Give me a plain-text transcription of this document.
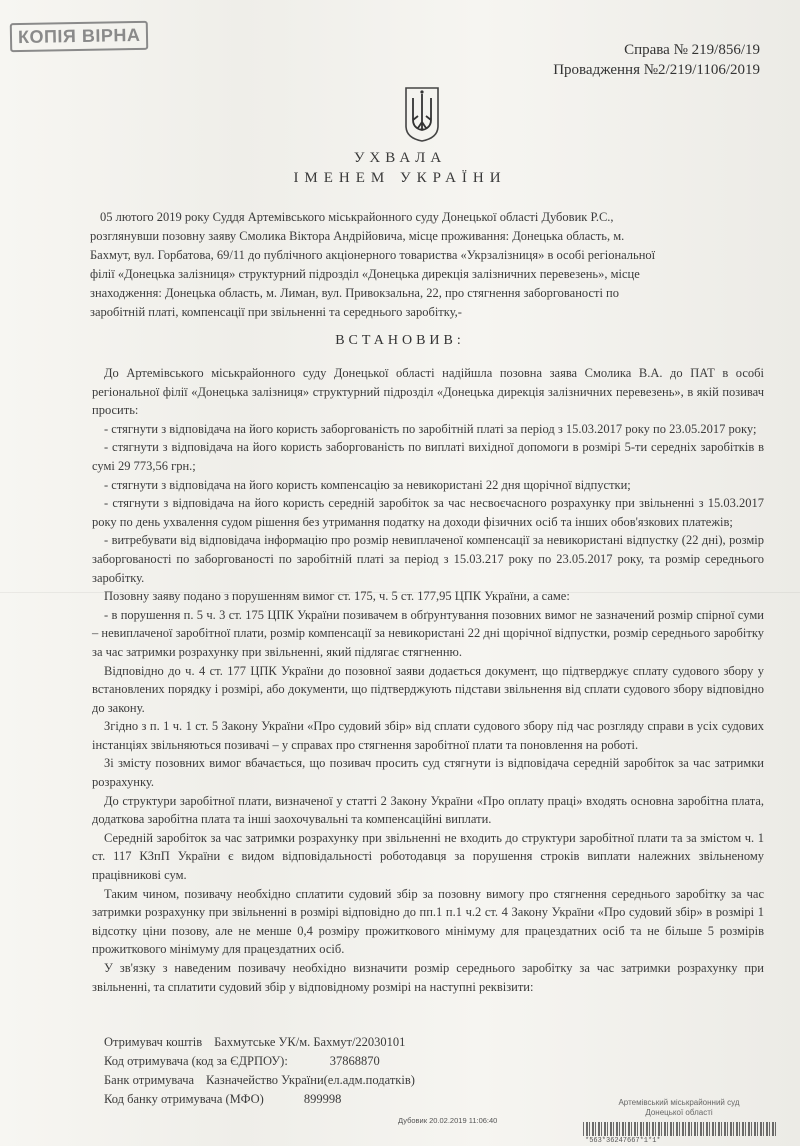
КОПІЯ ВІРНА
Справа № 219/856/19
Провадження №2/219/1106/2019
УХВАЛА
ІМЕНЕМ УКРАЇНИ
05 лютого 2019 року Суддя Артемівського міськрайонного суду Донецької області Дубовик Р.С.,
розглянувши позовну заяву Смолика Віктора Андрійовича, місце проживання: Донецька область, м.
Бахмут, вул. Горбатова, 69/11 до публічного акціонерного товариства «Укрзалізниця» в особі регіональної
філії «Донецька залізниця» структурний підрозділ «Донецька дирекція залізничних перевезень», місце
знаходження: Донецька область, м. Лиман, вул. Привокзальна, 22, про стягнення заборгованості по
заробітній платі, компенсації при звільненні та середнього заробітку,-
ВСТАНОВИВ:

До Артемівського міськрайонного суду Донецької області надійшла позовна заява Смолика В.А. до ПАТ в особі регіональної філії «Донецька залізниця» структурний підрозділ «Донецька дирекція залізничних перевезень», в якій позивач просить:

- стягнути з відповідача на його користь заборгованість по заробітній платі за період з 15.03.2017 року по 23.05.2017 року;

- стягнути з відповідача на його користь заборгованість по виплаті вихідної допомоги в розмірі 5-ти середніх заробітків в сумі 29 773,56 грн.;

- стягнути з відповідача на його користь компенсацію за невикористані 22 дня щорічної відпустки;

- стягнути з відповідача на його користь середній заробіток за час несвоєчасного розрахунку при звільненні з 15.03.2017 року по день ухвалення судом рішення без утримання податку на доходи фізичних осіб та інших обов'язкових платежів;

- витребувати від відповідача інформацію про розмір невиплаченої компенсації за невикористані відпустку (22 дні), розмір заборгованості по заборгованості по заробітній платі за період з 15.03.217 року по 23.05.2017 року, та розмір середнього заробітку.

Позовну заяву подано з порушенням вимог ст. 175, ч. 5 ст. 177,95 ЦПК України, а саме:

- в порушення п. 5 ч. 3 ст. 175 ЦПК України позивачем в обґрунтування позовних вимог не зазначений розмір спірної суми – невиплаченої заробітної плати, розмір компенсації за невикористані 22 дні щорічної відпустки, розмір середнього заробітку за час затримки розрахунку при звільненні, який підлягає стягненню.

Відповідно до ч. 4 ст. 177 ЦПК України до позовної заяви додається документ, що підтверджує сплату судового збору у встановлених порядку і розмірі, або документи, що підтверджують підстави звільнення від сплати судового збору відповідно до закону.

Згідно з п. 1 ч. 1 ст. 5 Закону України «Про судовий збір» від сплати судового збору під час розгляду справи в усіх судових інстанціях звільняються позивачі – у справах про стягнення заробітної плати та поновлення на роботі.

Зі змісту позовних вимог вбачається, що позивач просить суд стягнути із відповідача середній заробіток за час затримки розрахунку.

До структури заробітної плати, визначеної у статті 2 Закону України «Про оплату праці» входять основна заробітна плата, додаткова заробітна плата та інші заохочувальні та компенсаційні виплати.

Середній заробіток за час затримки розрахунку при звільненні не входить до структури заробітної плати та за змістом ч. 1 ст. 117 КЗпП України є видом відповідальності роботодавця за порушення строків виплати належних звільненому працівникові сум.

Таким чином, позивачу необхідно сплатити судовий збір за позовну вимогу про стягнення середнього заробітку за час затримки розрахунку при звільненні в розмірі відповідно до пп.1 п.1 ч.2 ст. 4 Закону України «Про судовий збір» в розмірі 1 відсотку ціни позову, але не менше 0,4 розміру прожиткового мінімуму для працездатних осіб та не більше 5 розмірів прожиткового мінімуму для працездатних осіб.

У зв'язку з наведеним позивачу необхідно визначити розмір середнього заробітку за час затримки розрахунку при звільненні, та сплатити судовий збір у відповідному розмірі на наступні реквізити:

Отримувач коштів Бахмутське УК/м. Бахмут/22030101
Код отримувача (код за ЄДРПОУ):	37868870
Банк отримувача Казначейство України(ел.адм.податків)
Код банку отримувача (МФО)	899998
Дубовик 20.02.2019 11:06:40
Артемівський міськрайонний суд
Донецької області
*563*36247667*1*1*
